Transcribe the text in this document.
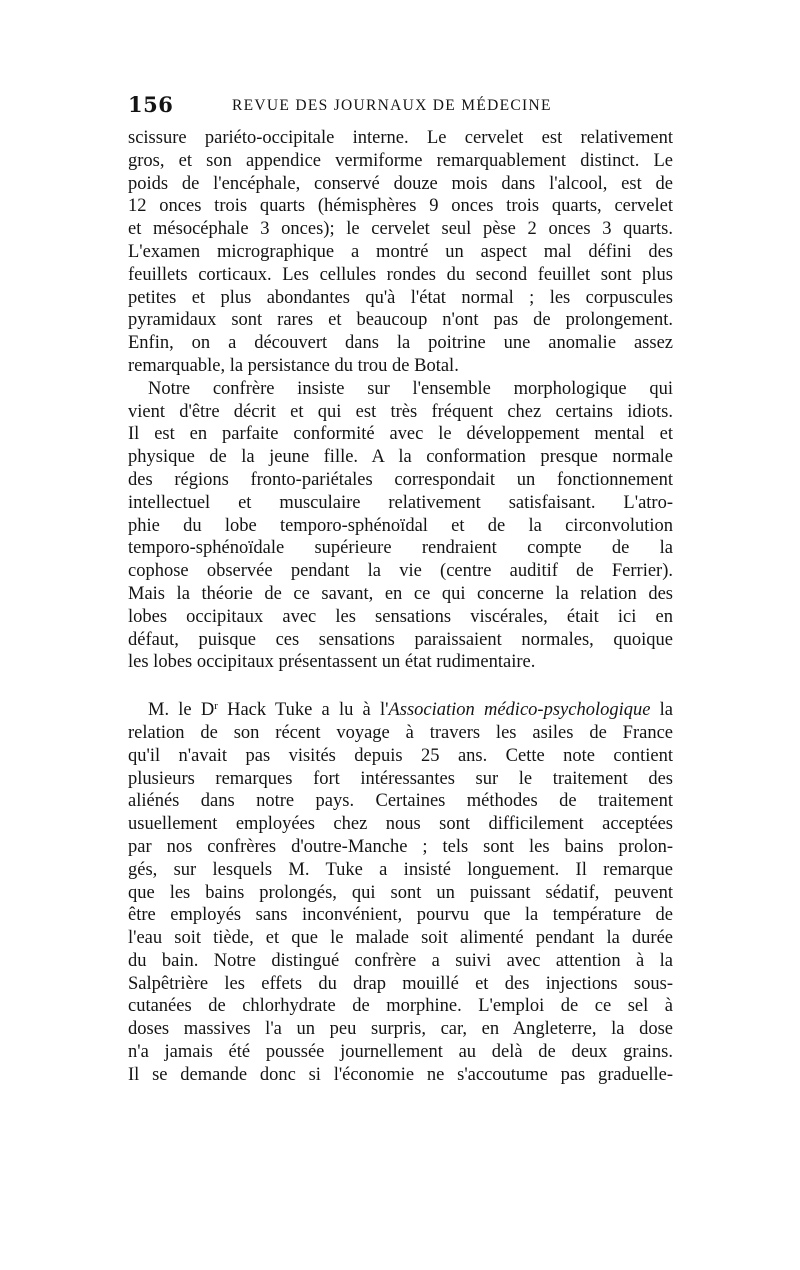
156	REVUE DES JOURNAUX DE MÉDECINE
scissure pariéto-occipitale interne. Le cervelet est relativement
gros, et son appendice vermiforme remarquablement distinct. Le
poids de l'encéphale, conservé douze mois dans l'alcool, est de
12 onces trois quarts (hémisphères 9 onces trois quarts, cervelet
et mésocéphale 3 onces); le cervelet seul pèse 2 onces 3 quarts.
L'examen micrographique a montré un aspect mal défini des
feuillets corticaux. Les cellules rondes du second feuillet sont plus
petites et plus abondantes qu'à l'état normal ; les corpuscules
pyramidaux sont rares et beaucoup n'ont pas de prolongement.
Enfin, on a découvert dans la poitrine une anomalie assez
remarquable, la persistance du trou de Botal.
Notre confrère insiste sur l'ensemble morphologique qui
vient d'être décrit et qui est très fréquent chez certains idiots.
Il est en parfaite conformité avec le développement mental et
physique de la jeune fille. A la conformation presque normale
des régions fronto-pariétales correspondait un fonctionnement
intellectuel et musculaire relativement satisfaisant. L'atro-
phie du lobe temporo-sphénoïdal et de la circonvolution
temporo-sphénoïdale supérieure rendraient compte de la
cophose observée pendant la vie (centre auditif de Ferrier).
Mais la théorie de ce savant, en ce qui concerne la relation des
lobes occipitaux avec les sensations viscérales, était ici en
défaut, puisque ces sensations paraissaient normales, quoique
les lobes occipitaux présentassent un état rudimentaire.
M. le $D^r$ Hack Tuke a lu à l'Association médico-psychologique la
relation de son récent voyage à travers les asiles de France
qu'il n'avait pas visités depuis 25 ans. Cette note contient
plusieurs remarques fort intéressantes sur le traitement des
aliénés dans notre pays. Certaines méthodes de traitement
usuellement employées chez nous sont difficilement acceptées
par nos confrères d'outre-Manche ; tels sont les bains prolon-
gés, sur lesquels M. Tuke a insisté longuement. Il remarque
que les bains prolongés, qui sont un puissant sédatif, peuvent
être employés sans inconvénient, pourvu que la température de
l'eau soit tiède, et que le malade soit alimenté pendant la durée
du bain. Notre distingué confrère a suivi avec attention à la
Salpêtrière les effets du drap mouillé et des injections sous-
cutanées de chlorhydrate de morphine. L'emploi de ce sel à
doses massives l'a un peu surpris, car, en Angleterre, la dose
n'a jamais été poussée journellement au delà de deux grains.
Il se demande donc si l'économie ne s'accoutume pas graduelle-
